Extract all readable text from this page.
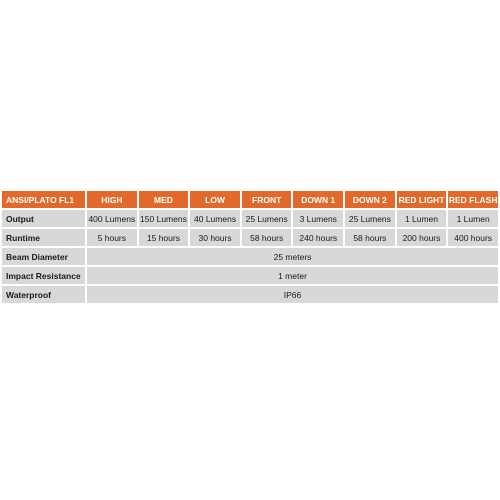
ANSI/PLATO FL1	HIGH	MED	LOW	FRONT	DOWN 1	DOWN 2	RED LIGHT	RED FLASH
Output	400 Lumens	150 Lumens	40 Lumens	25 Lumens	3 Lumens	25 Lumens	1 Lumen	1 Lumen
Runtime	5 hours	15 hours	30 hours	58 hours	240 hours	58 hours	200 hours	400 hours
Beam Diameter	25 meters							
Impact Resistance	1 meter							
Waterproof	IP66							
